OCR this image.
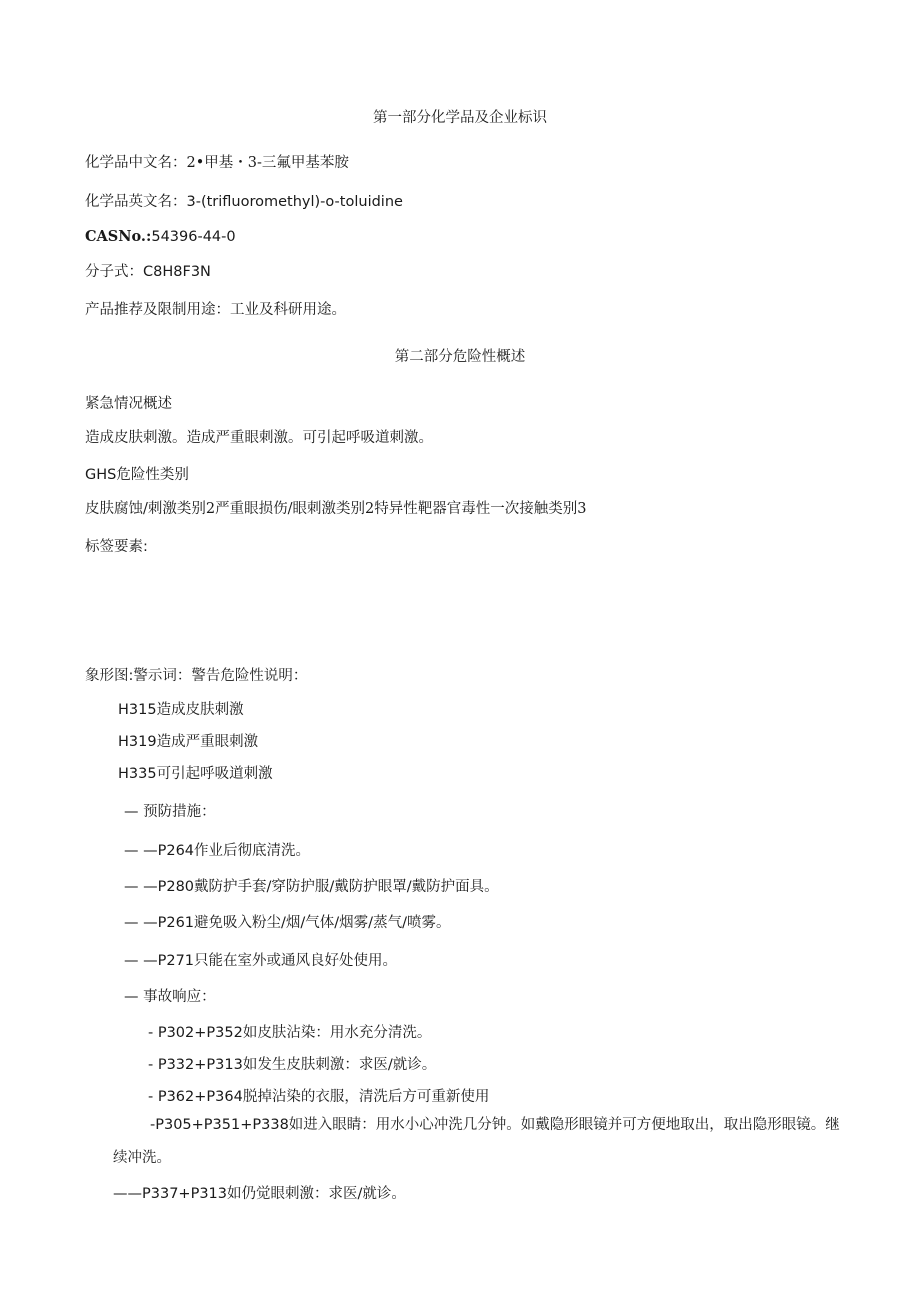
第一部分化学品及企业标识
化学品中文名：2•甲基・3-三氟甲基苯胺
化学品英文名：3-(trifluoromethyl)-o-toluidine
CASNo.:54396-44-0
分子式：C8H8F3N
产品推荐及限制用途：工业及科研用途。
第二部分危险性概述
紧急情况概述
造成皮肤刺激。造成严重眼刺激。可引起呼吸道刺激。
GHS危险性类别
皮肤腐蚀/刺激类别2严重眼损伤/眼刺激类别2特异性靶器官毒性一次接触类别3
标签要素:
象形图:警示词：警告危险性说明：
H315造成皮肤刺激
H319造成严重眼刺激
H335可引起呼吸道刺激
— 预防措施：
— —P264作业后彻底清洗。
— —P280戴防护手套/穿防护服/戴防护眼罩/戴防护面具。
— —P261避免吸入粉尘/烟/气体/烟雾/蒸气/喷雾。
— —P271只能在室外或通风良好处使用。
— 事故响应：
- P302+P352如皮肤沾染：用水充分清洗。
- P332+P313如发生皮肤刺激：求医/就诊。
- P362+P364脱掉沾染的衣服，清洗后方可重新使用
-P305+P351+P338如进入眼睛：用水小心冲洗几分钟。如戴隐形眼镜并可方便地取出，取出隐形眼镜。继续冲洗。
——P337+P313如仍觉眼刺激：求医/就诊。
